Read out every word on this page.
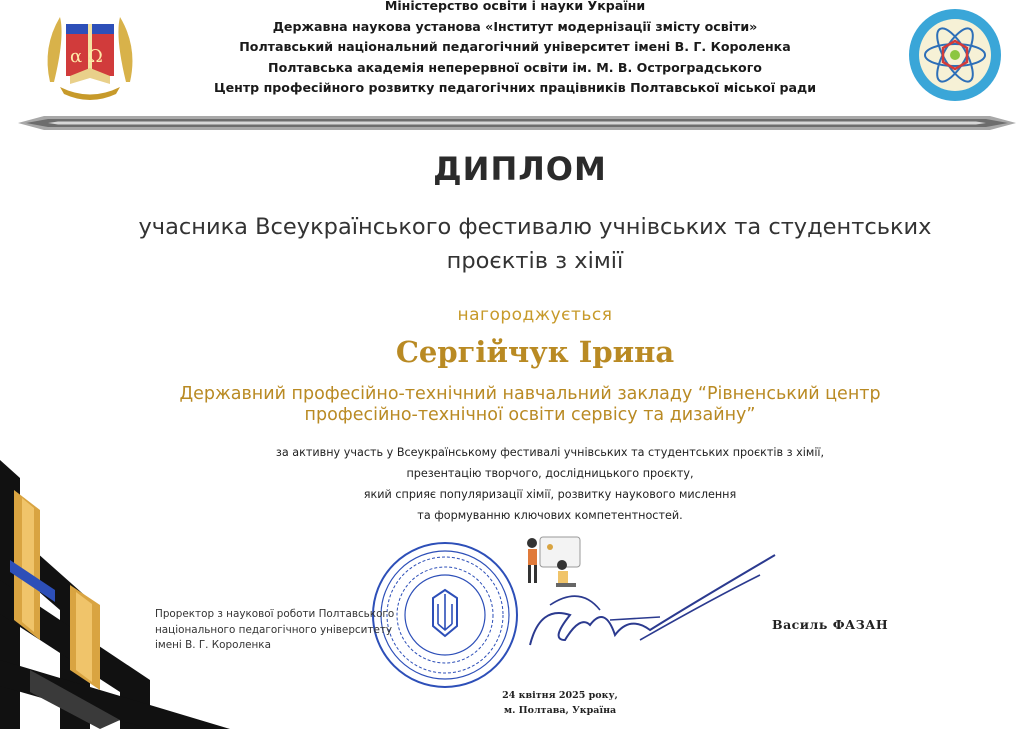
α Ω
Міністерство освіти і науки України
Державна наукова установа «Інститут модернізації змісту освіти»
Полтавський національний педагогічний університет імені В. Г. Короленка
Полтавська академія неперервної освіти ім. М. В. Остроградського
Центр професійного розвитку педагогічних працівників Полтавської міської ради
ДИПЛОМ
учасника Всеукраїнського фестивалю учнівських та студентських
проєктів з хімії
нагороджується
Сергійчук Ірина
Державний професійно-технічний навчальний закладу “Рівненський центр
професійно-технічної освіти сервісу та дизайну”
за активну участь у Всеукраїнському фестивалі учнівських та студентських проєктів з хімії,
презентацію творчого, дослідницького проєкту,
який сприяє популяризації хімії, розвитку наукового мислення
та формуванню ключових компетентностей.
Проректор з наукової роботи Полтавського
національного педагогічного університету
імені В. Г. Короленка
Василь ФАЗАН
24 квітня 2025 року,
м. Полтава, Україна
